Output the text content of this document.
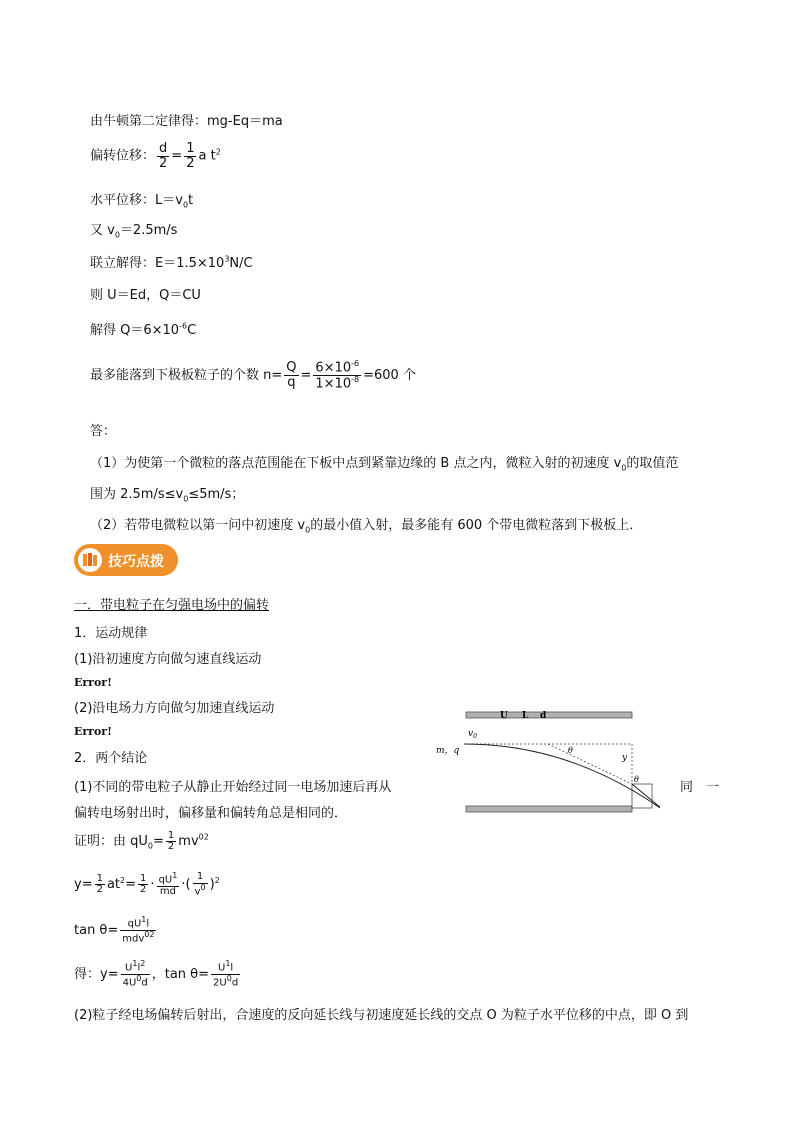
由牛顿第二定律得：mg-Eq＝ma
偏转位移： $\frac{d}{2} = \frac{1}{2}$ a $t^2$
水平位移：$L=v_0t$
又 $v_0=2.5m/s$
联立解得：$E=1.5\times 10^3N/C$
则 U＝Ed，Q＝CU
解得 $Q=6\times 10^{-6}C$
最多能落到下极板粒子的个数 $n= \frac{Q}{q} = \frac{6\times 10^{-6}}{1\times 10^{-8}} =600$ 个
答：
（1）为使第一个微粒的落点范围能在下板中点到紧靠边缘的 B 点之内，微粒入射的初速度 $v_0$的取值范
围为 $2.5m/s\le v_0\le 5m/s$；
（2）若带电微粒以第一问中初速度 $v_0$的最小值入射，最多能有 600 个带电微粒落到下极板上．
技巧点拨
一．带电粒子在匀强电场中的偏转
1．运动规律
(1)沿初速度方向做匀速直线运动
Error!
(2)沿电场力方向做匀加速直线运动
Error!
2．两个结论
(1)不同的带电粒子从静止开始经过同一电场加速后再从	同　一
偏转电场射出时，偏移量和偏转角总是相同的．
证明：由 $qU_0= \frac{1}{2} mv^{02}$
$y= \frac{1}{2} at^2= \frac{1}{2} \cdot \frac{qU^1}{md}$ ·( $\frac{1}{v^0} )^2$
$\tan \theta= \frac{qU^1l}{mdv^{02}}$
得：$y= \frac{U^1l^2}{4U^0d}$ ，$\tan \theta= \frac{U^1l}{2U^0d}$
(2)粒子经电场偏转后射出，合速度的反向延长线与初速度延长线的交点 O 为粒子水平位移的中点，即 O 到
U L d
$v_0$
m，q	θ
y
θ
